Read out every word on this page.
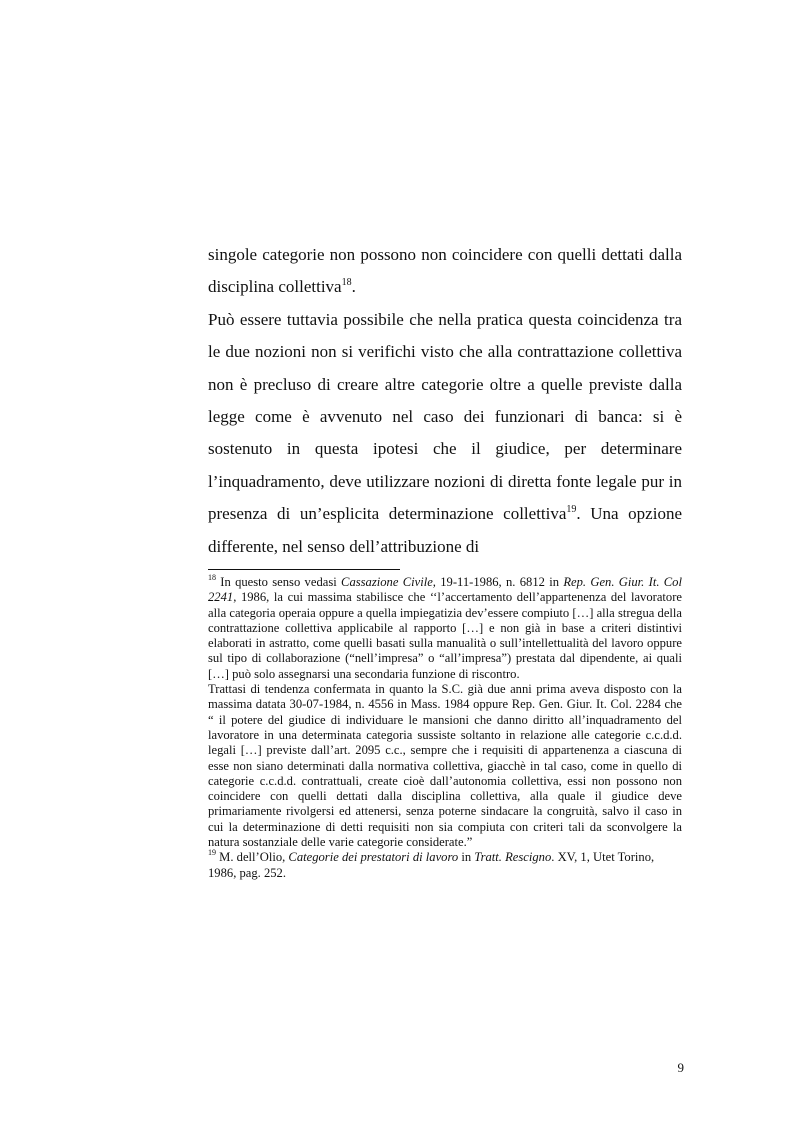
singole categorie non possono non coincidere con quelli dettati dalla disciplina collettiva$^{18}$.

Può essere tuttavia possibile che nella pratica questa coincidenza tra le due nozioni non si verifichi visto che alla contrattazione collettiva non è precluso di creare altre categorie oltre a quelle previste dalla legge come è avvenuto nel caso dei funzionari di banca: si è sostenuto in questa ipotesi che il giudice, per determinare l’inquadramento, deve utilizzare nozioni di diretta fonte legale pur in presenza di un’esplicita determinazione collettiva$^{19}$. Una opzione differente, nel senso dell’attribuzione di

$^{18}$ In questo senso vedasi Cassazione Civile, 19-11-1986, n. 6812 in Rep. Gen. Giur. It. Col 2241, 1986, la cui massima stabilisce che ‘‘l’accertamento dell’appartenenza del lavoratore alla categoria operaia oppure a quella impiegatizia dev’essere compiuto […] alla stregua della contrattazione collettiva applicabile al rapporto […] e non già in base a criteri distintivi elaborati in astratto, come quelli basati sulla manualità o sull’intellettualità del lavoro oppure sul tipo di collaborazione (“nell’impresa” o “all’impresa”) prestata dal dipendente, ai quali […] può solo assegnarsi una secondaria funzione di riscontro.

Trattasi di tendenza confermata in quanto la S.C. già due anni prima aveva disposto con la massima datata 30-07-1984, n. 4556 in Mass. 1984 oppure Rep. Gen. Giur. It. Col. 2284 che “ il potere del giudice di individuare le mansioni che danno diritto all’inquadramento del lavoratore in una determinata categoria sussiste soltanto in relazione alle categorie c.c.d.d. legali […] previste dall’art. 2095 c.c., sempre che i requisiti di appartenenza a ciascuna di esse non siano determinati dalla normativa collettiva, giacchè in tal caso, come in quello di categorie c.c.d.d. contrattuali, create cioè dall’autonomia collettiva, essi non possono non coincidere con quelli dettati dalla disciplina collettiva, alla quale il giudice deve primariamente rivolgersi ed attenersi, senza poterne sindacare la congruità, salvo il caso in cui la determinazione di detti requisiti non sia compiuta con criteri tali da sconvolgere la natura sostanziale delle varie categorie considerate.”

$^{19}$ M. dell’Olio, Categorie dei prestatori di lavoro in Tratt. Rescigno. XV, 1, Utet Torino, 1986, pag. 252.

9
